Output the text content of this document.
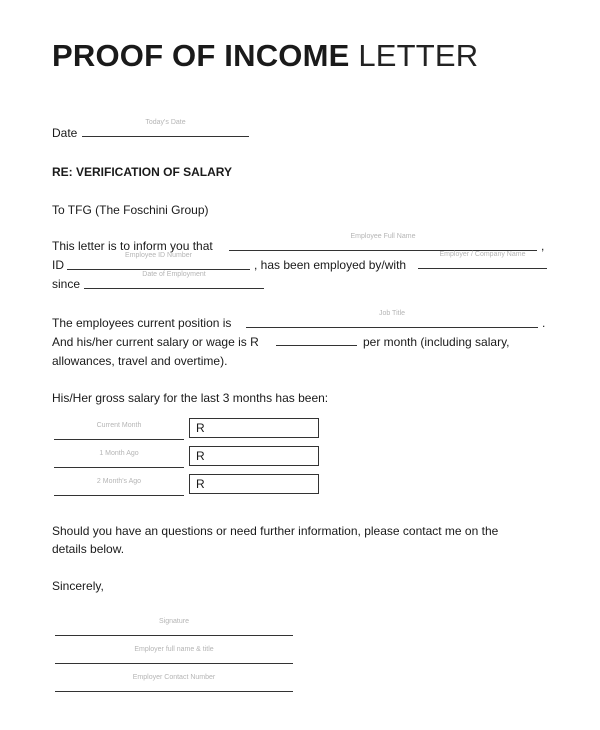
PROOF OF INCOME LETTER
Date
Today's Date
RE: VERIFICATION OF SALARY
To TFG (The Foschini Group)
This letter is to inform you that
Employee Full Name
,
ID
Employee ID Number
, has been employed by/with
Employer / Company Name
since
Date of Employment
The employees current position is
Job Title
.
And his/her current salary or wage is R	per month (including salary,
allowances, travel and overtime).
His/Her gross salary for the last 3 months has been:
Current Month	R
1 Month Ago	R
2 Month's Ago	R
Should you have an questions or need further information, please contact me on the
details below.
Sincerely,
Signature
Employer full name & title
Employer Contact Number
